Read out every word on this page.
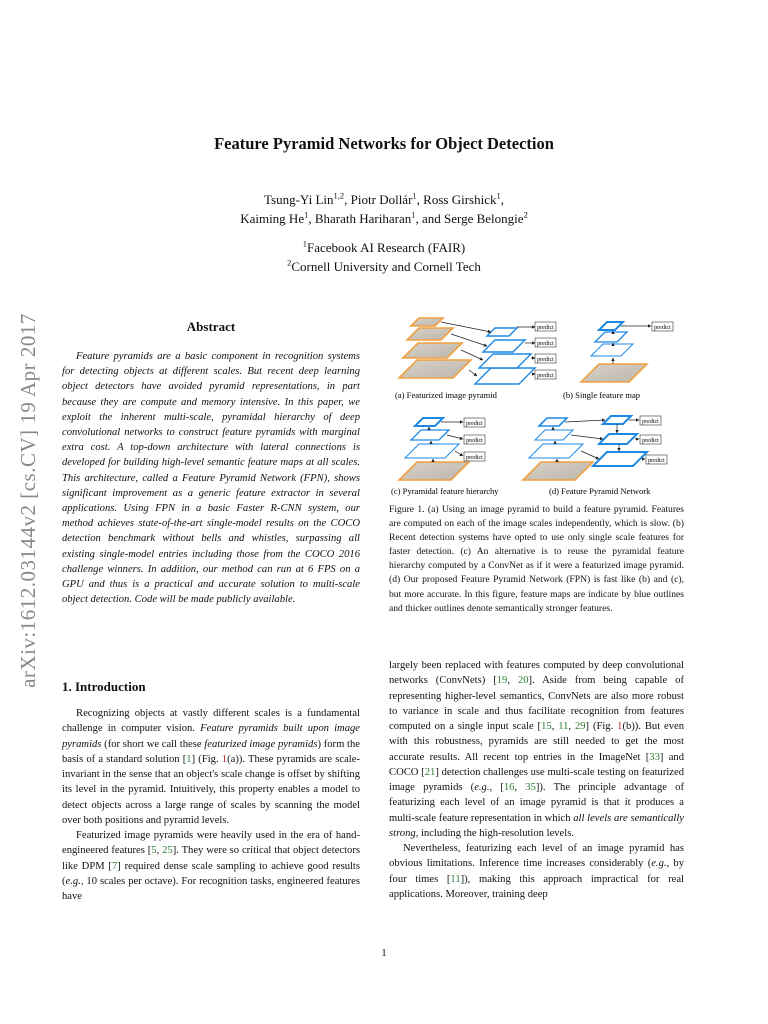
arXiv:1612.03144v2 [cs.CV] 19 Apr 2017
Feature Pyramid Networks for Object Detection
Tsung-Yi Lin$^{1,2}$, Piotr Dollár$^1$, Ross Girshick$^1$,
Kaiming He$^1$, Bharath Hariharan$^1$, and Serge Belongie$^2$
$^1$Facebook AI Research (FAIR)
$^2$Cornell University and Cornell Tech
Abstract
Feature pyramids are a basic component in recognition systems for detecting objects at different scales. But recent deep learning object detectors have avoided pyramid representations, in part because they are compute and memory intensive. In this paper, we exploit the inherent multi-scale, pyramidal hierarchy of deep convolutional networks to construct feature pyramids with marginal extra cost. A top-down architecture with lateral connections is developed for building high-level semantic feature maps at all scales. This architecture, called a Feature Pyramid Network (FPN), shows significant improvement as a generic feature extractor in several applications. Using FPN in a basic Faster R-CNN system, our method achieves state-of-the-art single-model results on the COCO detection benchmark without bells and whistles, surpassing all existing single-model entries including those from the COCO 2016 challenge winners. In addition, our method can run at 6 FPS on a GPU and thus is a practical and accurate solution to multi-scale object detection. Code will be made publicly available.
predict
predict
predict
predict
(a) Featurized image pyramid
predict
(b) Single feature map
predict
predict
predict
(c) Pyramidal feature hierarchy
predict
predict
predict
(d) Feature Pyramid Network
Figure 1. (a) Using an image pyramid to build a feature pyramid. Features are computed on each of the image scales independently, which is slow. (b) Recent detection systems have opted to use only single scale features for faster detection. (c) An alternative is to reuse the pyramidal feature hierarchy computed by a ConvNet as if it were a featurized image pyramid. (d) Our proposed Feature Pyramid Network (FPN) is fast like (b) and (c), but more accurate. In this figure, feature maps are indicate by blue outlines and thicker outlines denote semantically stronger features.
1. Introduction

Recognizing objects at vastly different scales is a fundamental challenge in computer vision. Feature pyramids built upon image pyramids (for short we call these featurized image pyramids) form the basis of a standard solution [1] (Fig. 1(a)). These pyramids are scale-invariant in the sense that an object's scale change is offset by shifting its level in the pyramid. Intuitively, this property enables a model to detect objects across a large range of scales by scanning the model over both positions and pyramid levels.

Featurized image pyramids were heavily used in the era of hand-engineered features [5, 25]. They were so critical that object detectors like DPM [7] required dense scale sampling to achieve good results (e.g., 10 scales per octave). For recognition tasks, engineered features have

largely been replaced with features computed by deep convolutional networks (ConvNets) [19, 20]. Aside from being capable of representing higher-level semantics, ConvNets are also more robust to variance in scale and thus facilitate recognition from features computed on a single input scale [15, 11, 29] (Fig. 1(b)). But even with this robustness, pyramids are still needed to get the most accurate results. All recent top entries in the ImageNet [33] and COCO [21] detection challenges use multi-scale testing on featurized image pyramids (e.g., [16, 35]). The principle advantage of featurizing each level of an image pyramid is that it produces a multi-scale feature representation in which all levels are semantically strong, including the high-resolution levels.

Nevertheless, featurizing each level of an image pyramid has obvious limitations. Inference time increases considerably (e.g., by four times [11]), making this approach impractical for real applications. Moreover, training deep

1
